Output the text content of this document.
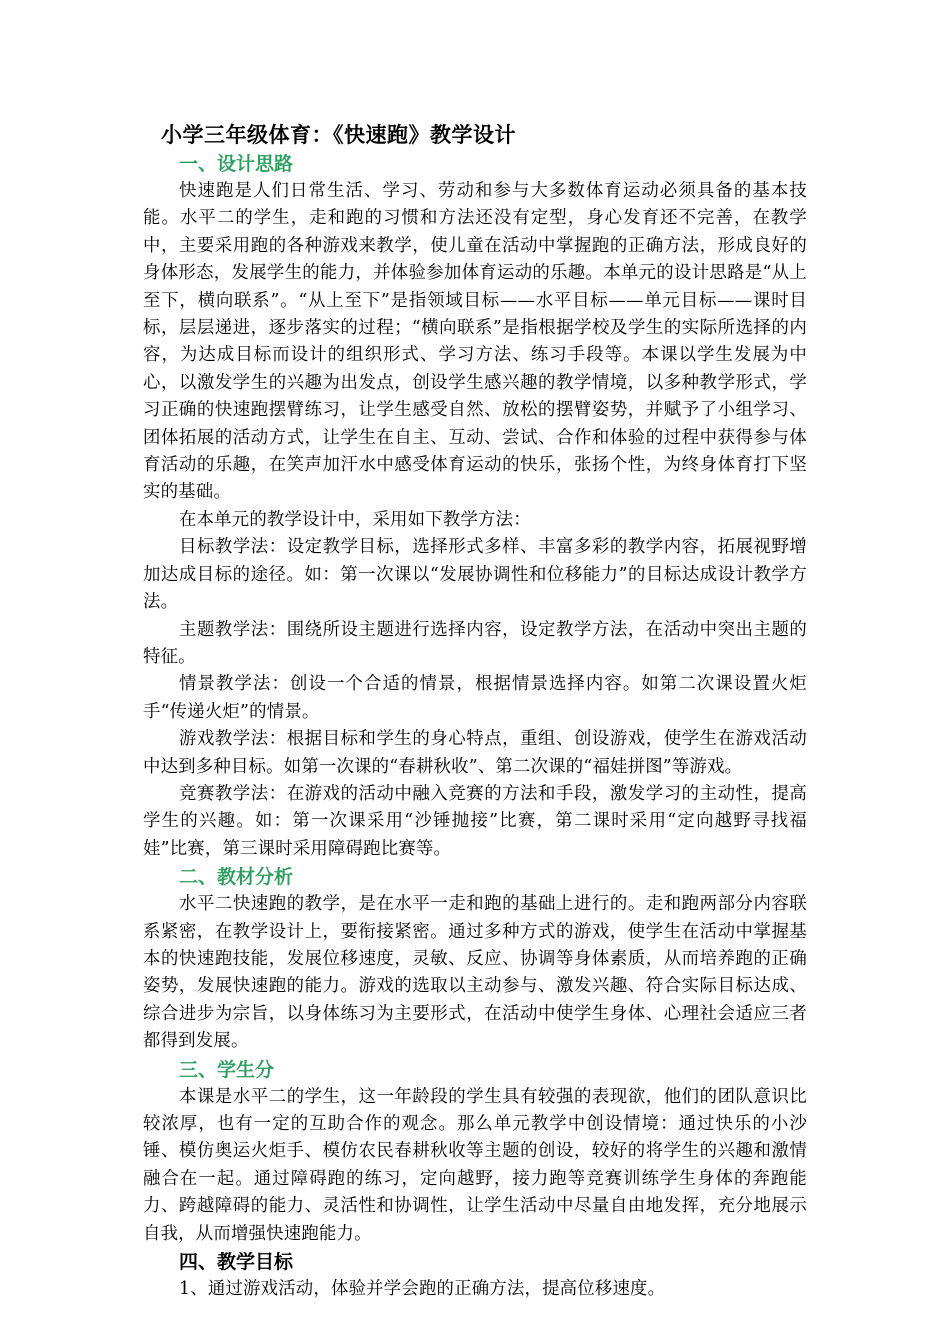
小学三年级体育：《快速跑》教学设计
一、设计思路

快速跑是人们日常生活、学习、劳动和参与大多数体育运动必须具备的基本技能。水平二的学生，走和跑的习惯和方法还没有定型，身心发育还不完善，在教学中，主要采用跑的各种游戏来教学，使儿童在活动中掌握跑的正确方法，形成良好的身体形态，发展学生的能力，并体验参加体育运动的乐趣。本单元的设计思路是“从上至下，横向联系”。“从上至下”是指领域目标——水平目标——单元目标——课时目标，层层递进，逐步落实的过程；“横向联系”是指根据学校及学生的实际所选择的内容，为达成目标而设计的组织形式、学习方法、练习手段等。本课以学生发展为中心，以激发学生的兴趣为出发点，创设学生感兴趣的教学情境，以多种教学形式，学习正确的快速跑摆臂练习，让学生感受自然、放松的摆臂姿势，并赋予了小组学习、团体拓展的活动方式，让学生在自主、互动、尝试、合作和体验的过程中获得参与体育活动的乐趣，在笑声加汗水中感受体育运动的快乐，张扬个性，为终身体育打下坚实的基础。

在本单元的教学设计中，采用如下教学方法：

目标教学法：设定教学目标，选择形式多样、丰富多彩的教学内容，拓展视野增加达成目标的途径。如：第一次课以“发展协调性和位移能力”的目标达成设计教学方法。

主题教学法：围绕所设主题进行选择内容，设定教学方法，在活动中突出主题的特征。

情景教学法：创设一个合适的情景，根据情景选择内容。如第二次课设置火炬手“传递火炬”的情景。

游戏教学法：根据目标和学生的身心特点，重组、创设游戏，使学生在游戏活动中达到多种目标。如第一次课的“春耕秋收”、第二次课的“福娃拼图”等游戏。

竞赛教学法：在游戏的活动中融入竞赛的方法和手段，激发学习的主动性，提高学生的兴趣。如：第一次课采用“沙锤抛接”比赛，第二课时采用“定向越野寻找福娃”比赛，第三课时采用障碍跑比赛等。

二、教材分析

水平二快速跑的教学，是在水平一走和跑的基础上进行的。走和跑两部分内容联系紧密，在教学设计上，要衔接紧密。通过多种方式的游戏，使学生在活动中掌握基本的快速跑技能，发展位移速度，灵敏、反应、协调等身体素质，从而培养跑的正确姿势，发展快速跑的能力。游戏的选取以主动参与、激发兴趣、符合实际目标达成、综合进步为宗旨，以身体练习为主要形式，在活动中使学生身体、心理社会适应三者都得到发展。

三、学生分

本课是水平二的学生，这一年龄段的学生具有较强的表现欲，他们的团队意识比较浓厚，也有一定的互助合作的观念。那么单元教学中创设情境：通过快乐的小沙锤、模仿奥运火炬手、模仿农民春耕秋收等主题的创设，较好的将学生的兴趣和激情融合在一起。通过障碍跑的练习，定向越野，接力跑等竞赛训练学生身体的奔跑能力、跨越障碍的能力、灵活性和协调性，让学生活动中尽量自由地发挥，充分地展示自我，从而增强快速跑能力。

四、教学目标

1、通过游戏活动，体验并学会跑的正确方法，提高位移速度。
